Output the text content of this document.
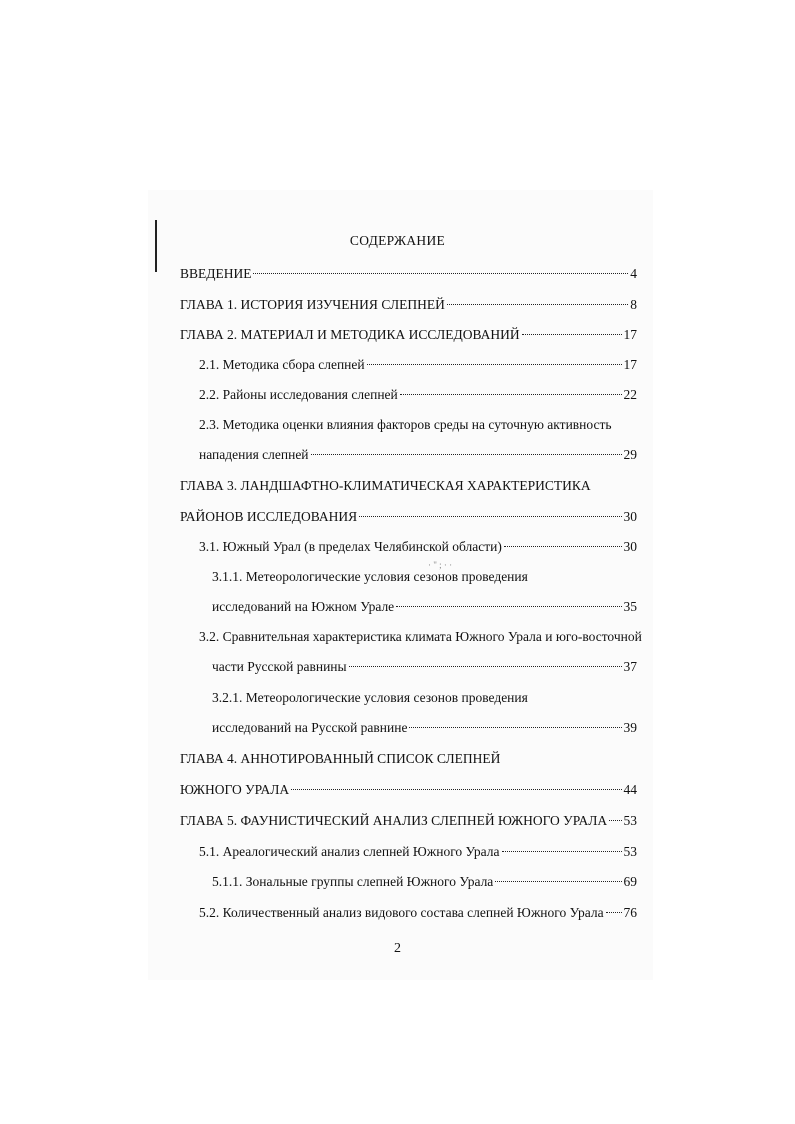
СОДЕРЖАНИЕ
ВВЕДЕНИЕ	4
ГЛАВА 1. ИСТОРИЯ ИЗУЧЕНИЯ СЛЕПНЕЙ	8
ГЛАВА 2. МАТЕРИАЛ И МЕТОДИКА ИССЛЕДОВАНИЙ	17
2.1. Методика сбора слепней	17
2.2. Районы исследования слепней	22
2.3. Методика оценки влияния факторов среды на суточную активность
нападения слепней	29
ГЛАВА 3. ЛАНДШАФТНО-КЛИМАТИЧЕСКАЯ ХАРАКТЕРИСТИКА
РАЙОНОВ ИССЛЕДОВАНИЯ	30
3.1. Южный Урал (в пределах Челябинской области)	30
3.1.1. Метеорологические условия сезонов проведения
исследований на Южном Урале	35
3.2. Сравнительная характеристика климата Южного Урала и юго-восточной
части Русской равнины	37
3.2.1. Метеорологические условия сезонов проведения
исследований на Русской равнине	39
ГЛАВА 4. АННОТИРОВАННЫЙ СПИСОК СЛЕПНЕЙ
ЮЖНОГО УРАЛА	44
ГЛАВА 5. ФАУНИСТИЧЕСКИЙ АНАЛИЗ СЛЕПНЕЙ ЮЖНОГО УРАЛА 53
5.1. Ареалогический анализ слепней Южного Урала	53
5.1.1. Зональные группы слепней Южного Урала	69
5.2. Количественный анализ видового состава слепней Южного Урала 76
· " ; · ·
2
